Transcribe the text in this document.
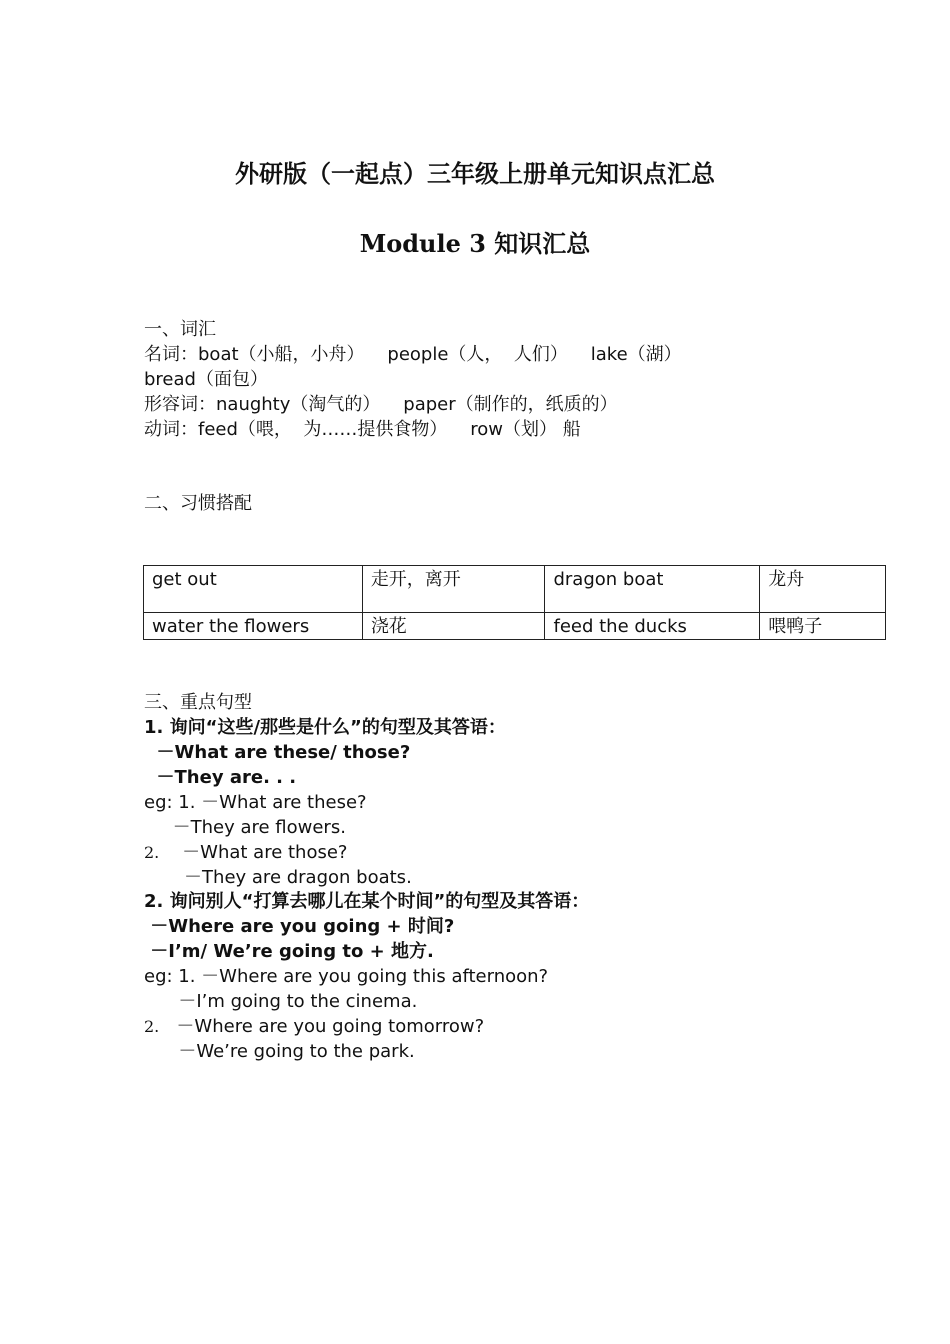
外研版（一起点）三年级上册单元知识点汇总
Module 3 知识汇总
一、词汇
名词：boat（小船，小舟）    people（人，  人们）    lake（湖）
bread（面包）
形容词：naughty（淘气的）    paper（制作的，纸质的）
动词：feed（喂，  为……提供食物）    row（划） 船
二、习惯搭配
get out	走开，离开	dragon boat	龙舟
water the flowers	浇花	feed the ducks	喂鸭子
三、重点句型
1. 询问“这些/那些是什么”的句型及其答语：
－What are these/ those?
－They are. . .
eg: 1. －What are these?
－They are flowers.
2.    －What are those?
－They are dragon boats.
2. 询问别人“打算去哪儿在某个时间”的句型及其答语：
－Where are you going + 时间?
－I’m/ We’re going to + 地方.
eg: 1. －Where are you going this afternoon?
－I’m going to the cinema.
2.   －Where are you going tomorrow?
－We’re going to the park.
